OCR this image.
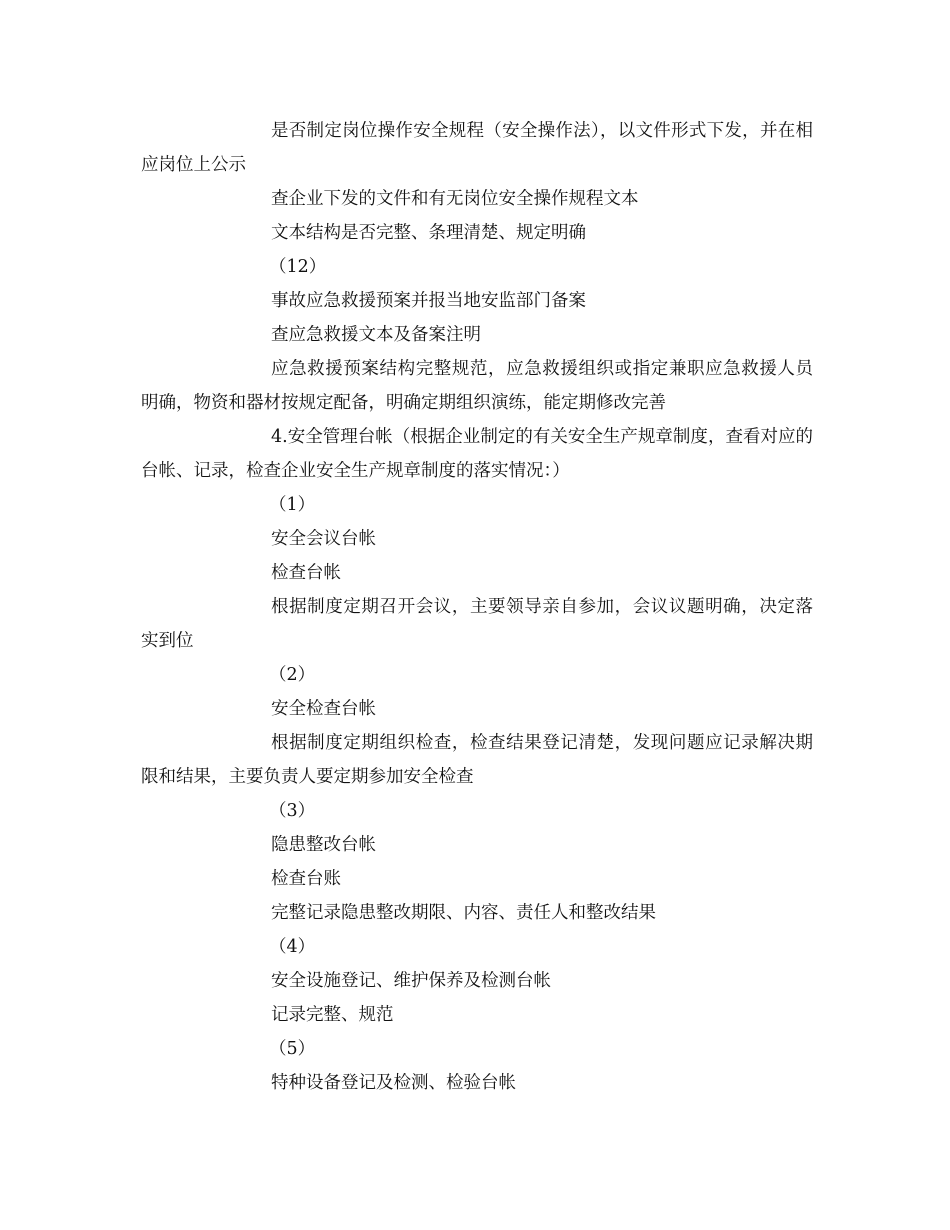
是否制定岗位操作安全规程（安全操作法），以文件形式下发，并在相应岗位上公示

查企业下发的文件和有无岗位安全操作规程文本

文本结构是否完整、条理清楚、规定明确

（12）

事故应急救援预案并报当地安监部门备案

查应急救援文本及备案注明

应急救援预案结构完整规范，应急救援组织或指定兼职应急救援人员明确，物资和器材按规定配备，明确定期组织演练，能定期修改完善

4.安全管理台帐（根据企业制定的有关安全生产规章制度，查看对应的台帐、记录，检查企业安全生产规章制度的落实情况：）

（1）

安全会议台帐

检查台帐

根据制度定期召开会议，主要领导亲自参加，会议议题明确，决定落实到位

（2）

安全检查台帐

根据制度定期组织检查，检查结果登记清楚，发现问题应记录解决期限和结果，主要负责人要定期参加安全检查

（3）

隐患整改台帐

检查台账

完整记录隐患整改期限、内容、责任人和整改结果

（4）

安全设施登记、维护保养及检测台帐

记录完整、规范

（5）

特种设备登记及检测、检验台帐
